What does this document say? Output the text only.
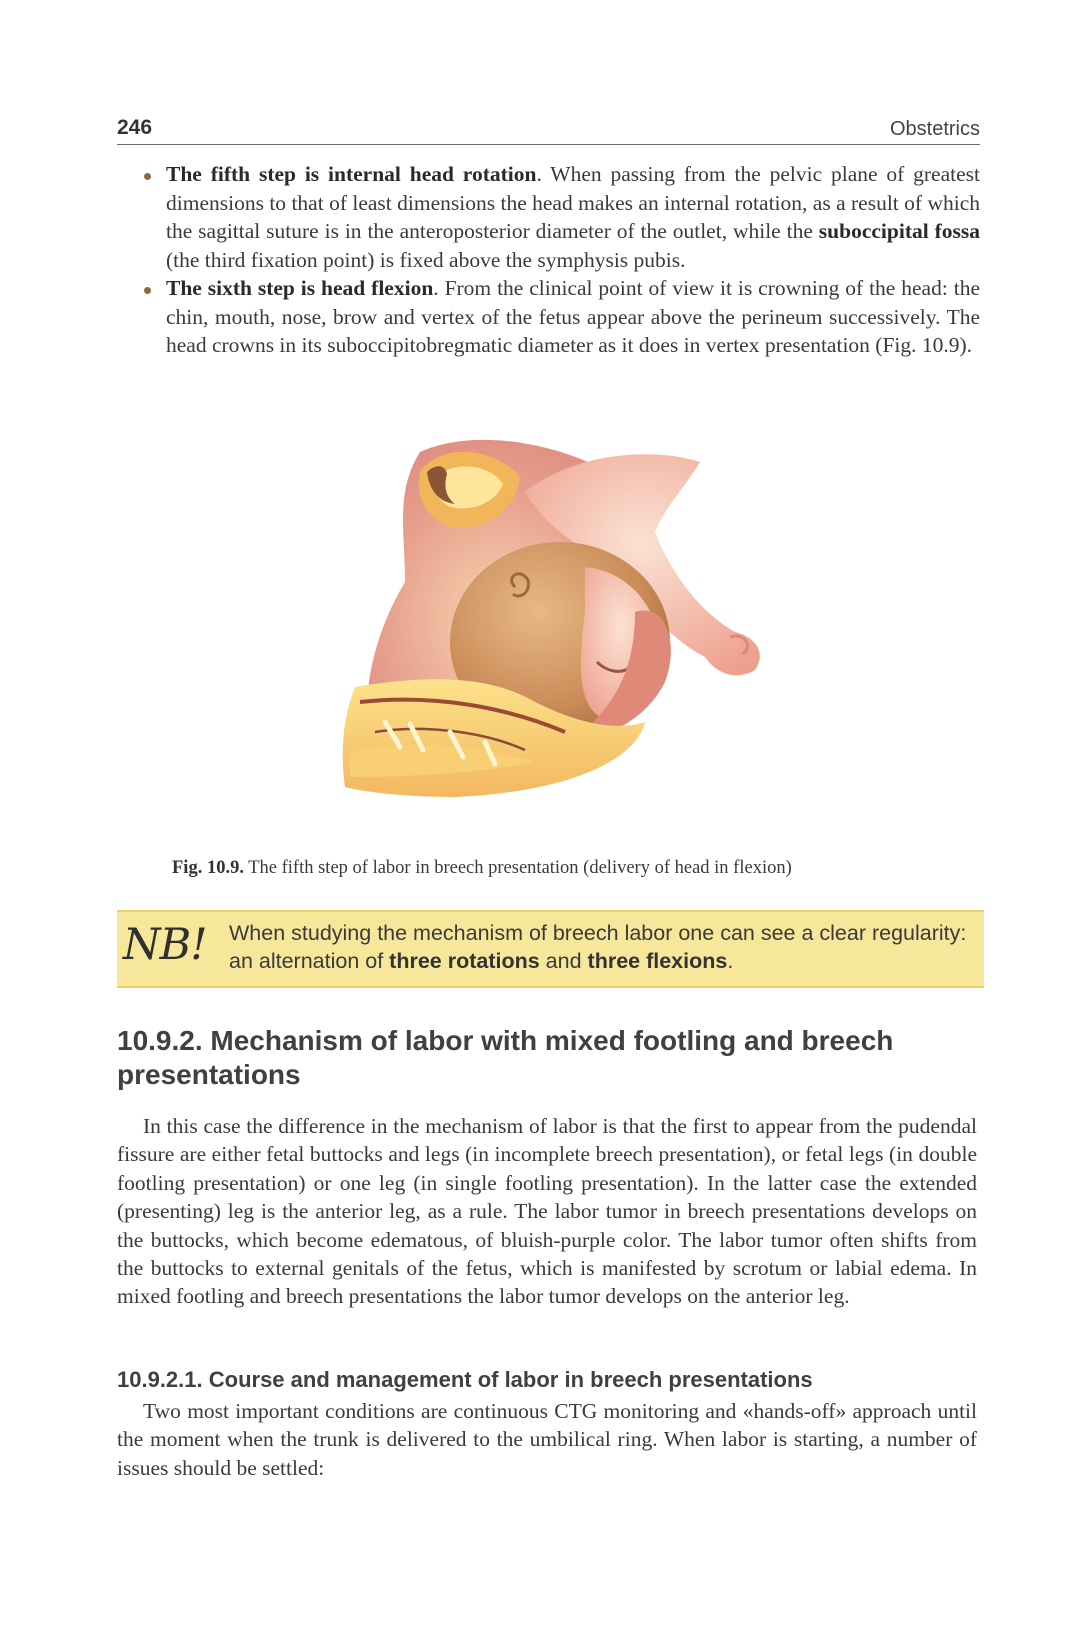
246	Obstetrics
The fifth step is internal head rotation. When passing from the pelvic plane of greatest dimensions to that of least dimensions the head makes an internal rotation, as a result of which the sagittal suture is in the anteroposterior diameter of the outlet, while the suboccipital fossa (the third fixation point) is fixed above the symphysis pubis.
The sixth step is head flexion. From the clinical point of view it is crowning of the head: the chin, mouth, nose, brow and vertex of the fetus appear above the perineum successively. The head crowns in its suboccipitobregmatic diameter as it does in vertex presentation (Fig. 10.9).
Fig. 10.9. The fifth step of labor in breech presentation (delivery of head in flexion)
NB! When studying the mechanism of breech labor one can see a clear regularity: an alternation of three rotations and three flexions.
10.9.2. Mechanism of labor with mixed footling and breech presentations

In this case the difference in the mechanism of labor is that the first to appear from the pudendal fissure are either fetal buttocks and legs (in incomplete breech presentation), or fetal legs (in double footling presentation) or one leg (in single footling presentation). In the latter case the extended (presenting) leg is the anterior leg, as a rule. The labor tumor in breech presentations develops on the buttocks, which become edematous, of bluish-purple color. The labor tumor often shifts from the buttocks to external genitals of the fetus, which is manifested by scrotum or labial edema. In mixed footling and breech presentations the labor tumor develops on the anterior leg.

10.9.2.1. Course and management of labor in breech presentations

Two most important conditions are continuous CTG monitoring and «hands-off» approach until the moment when the trunk is delivered to the umbilical ring. When labor is starting, a number of issues should be settled:
